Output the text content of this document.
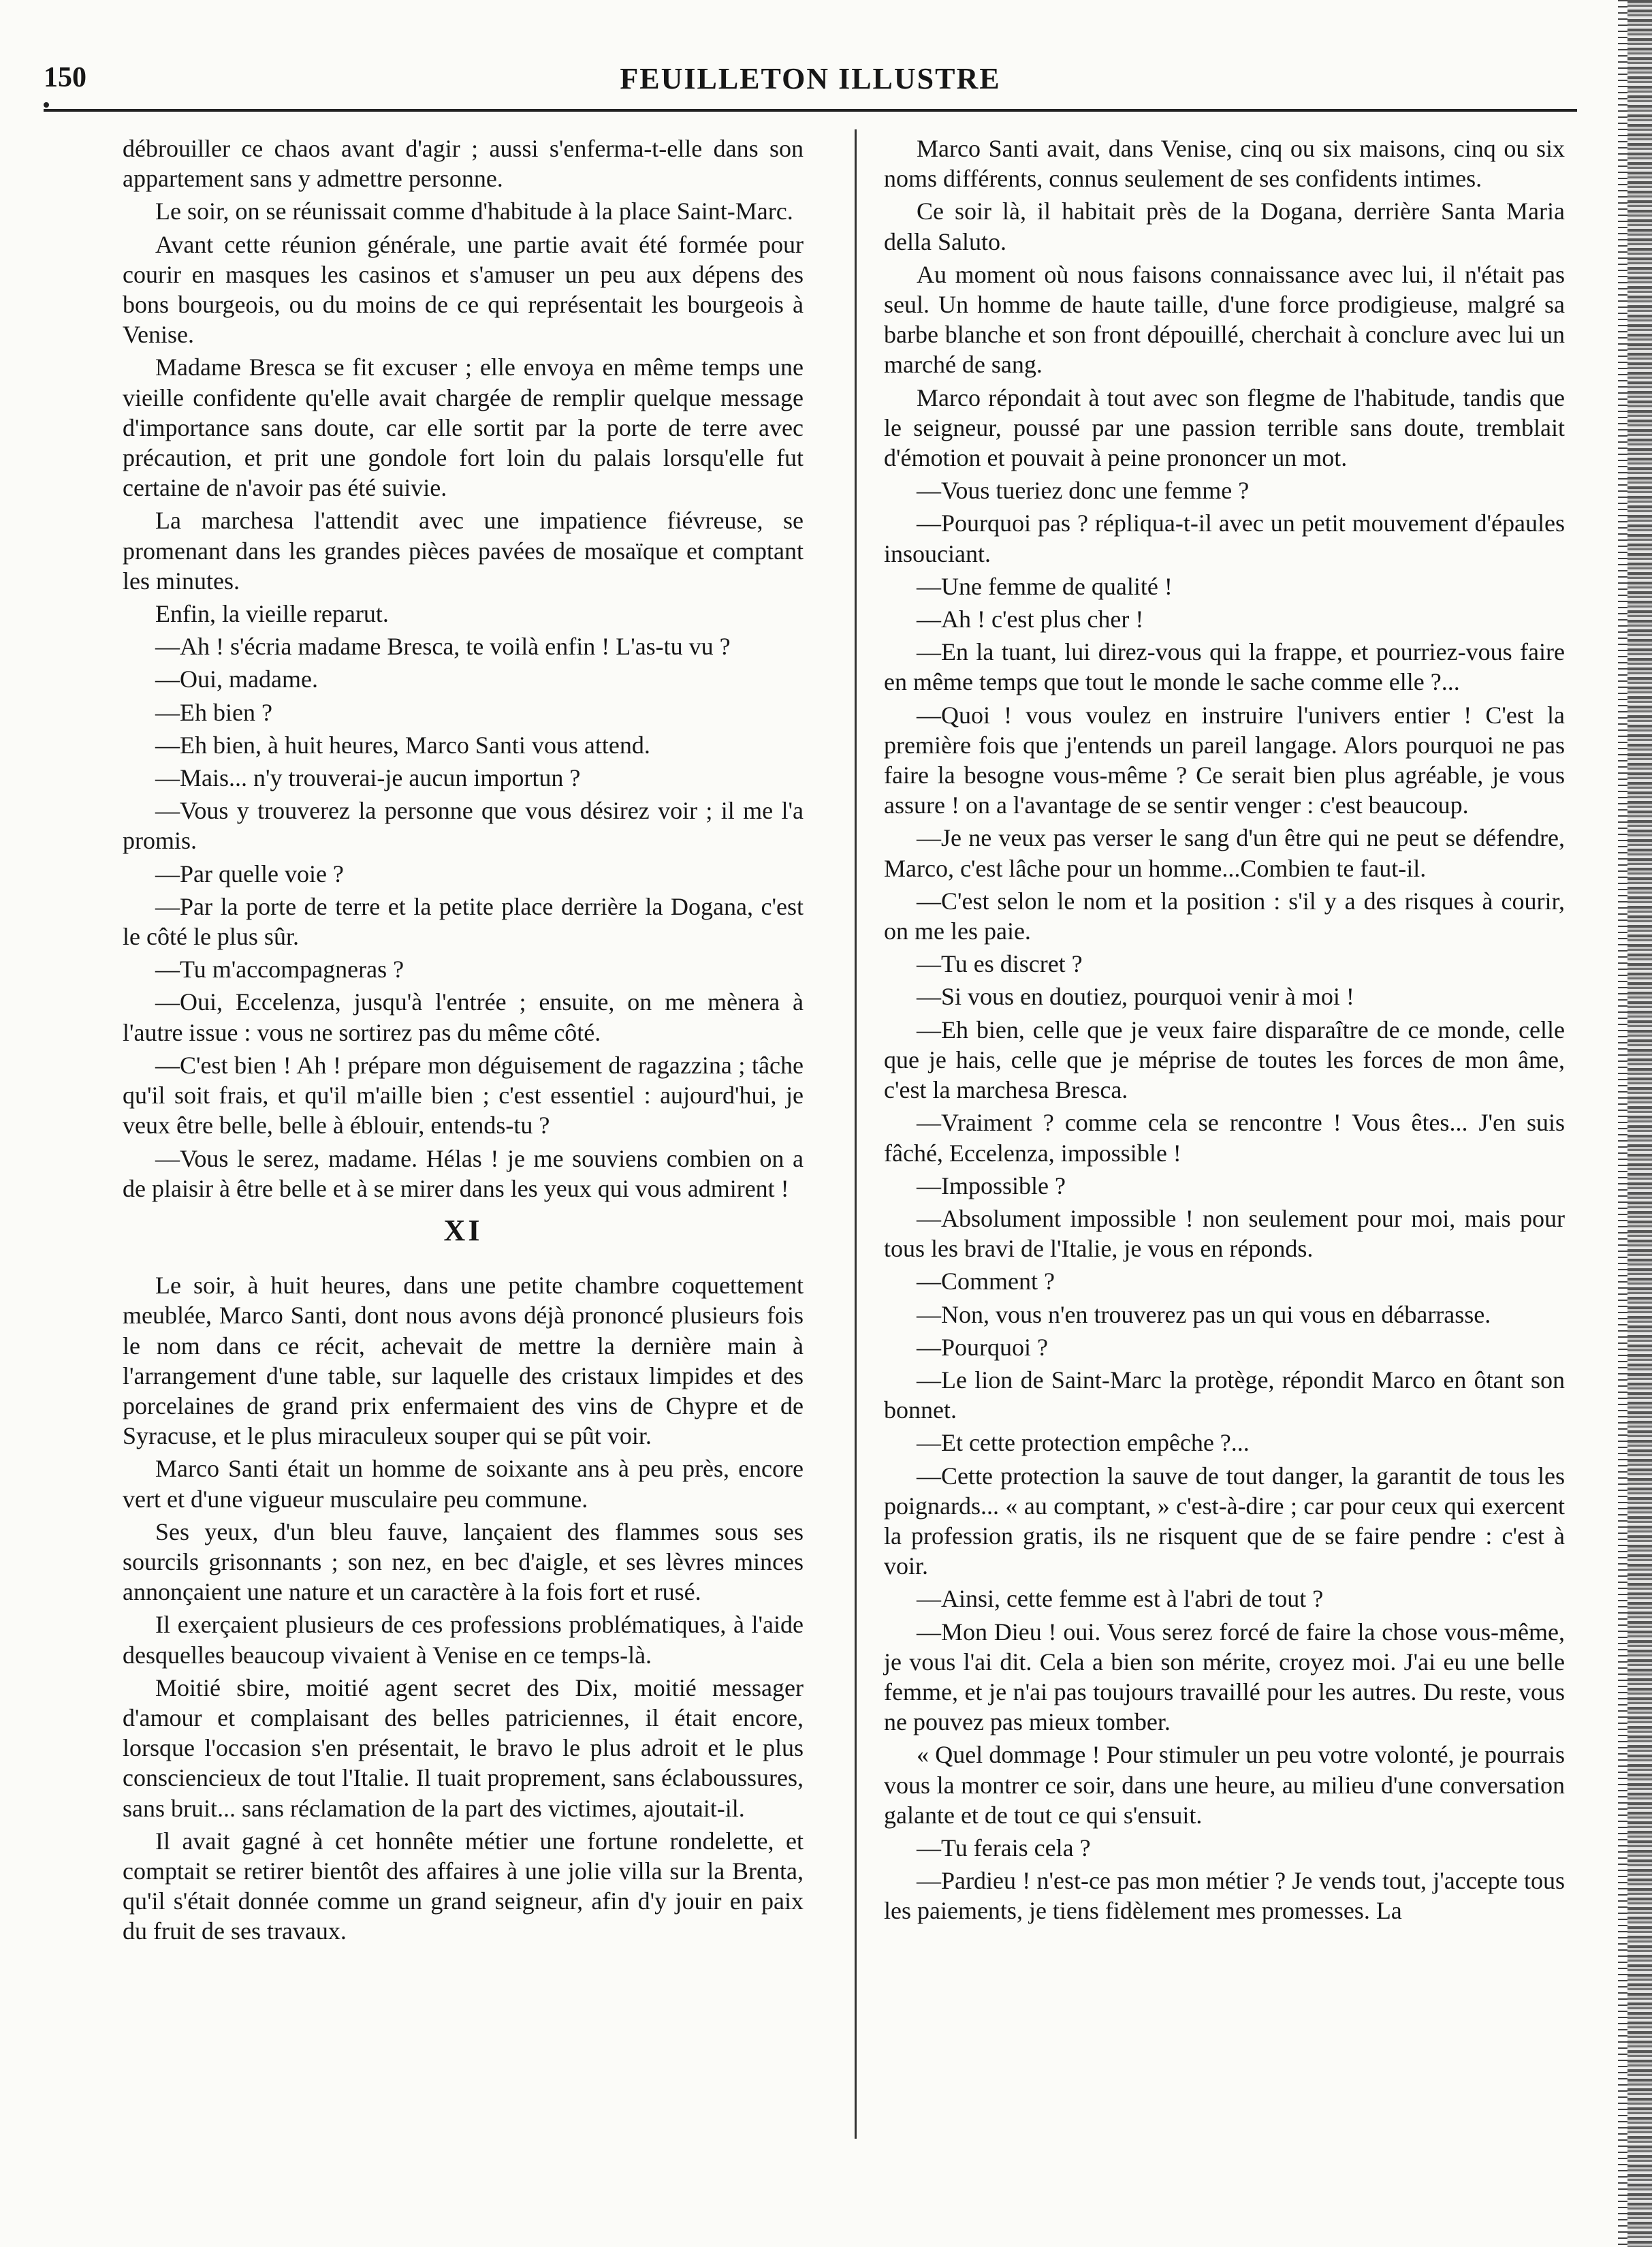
150	FEUILLETON ILLUSTRE

débrouiller ce chaos avant d'agir ; aussi s'enferma-t-elle dans son appartement sans y admettre personne.

Le soir, on se réunissait comme d'habitude à la place Saint-Marc.

Avant cette réunion générale, une partie avait été formée pour courir en masques les casinos et s'amuser un peu aux dépens des bons bourgeois, ou du moins de ce qui représentait les bourgeois à Venise.

Madame Bresca se fit excuser ; elle envoya en même temps une vieille confidente qu'elle avait chargée de remplir quelque message d'importance sans doute, car elle sortit par la porte de terre avec précaution, et prit une gondole fort loin du palais lorsqu'elle fut certaine de n'avoir pas été suivie.

La marchesa l'attendit avec une impatience fiévreuse, se promenant dans les grandes pièces pavées de mosaïque et comptant les minutes.

Enfin, la vieille reparut.

—Ah ! s'écria madame Bresca, te voilà enfin ! L'as-tu vu ?

—Oui, madame.

—Eh bien ?

—Eh bien, à huit heures, Marco Santi vous attend.

—Mais... n'y trouverai-je aucun importun ?

—Vous y trouverez la personne que vous désirez voir ; il me l'a promis.

—Par quelle voie ?

—Par la porte de terre et la petite place derrière la Dogana, c'est le côté le plus sûr.

—Tu m'accompagneras ?

—Oui, Eccelenza, jusqu'à l'entrée ; ensuite, on me mènera à l'autre issue : vous ne sortirez pas du même côté.

—C'est bien ! Ah ! prépare mon déguisement de ragazzina ; tâche qu'il soit frais, et qu'il m'aille bien ; c'est essentiel : aujourd'hui, je veux être belle, belle à éblouir, entends-tu ?

—Vous le serez, madame. Hélas ! je me souviens combien on a de plaisir à être belle et à se mirer dans les yeux qui vous admirent !

XI

Le soir, à huit heures, dans une petite chambre coquettement meublée, Marco Santi, dont nous avons déjà prononcé plusieurs fois le nom dans ce récit, achevait de mettre la dernière main à l'arrangement d'une table, sur laquelle des cristaux limpides et des porcelaines de grand prix enfermaient des vins de Chypre et de Syracuse, et le plus miraculeux souper qui se pût voir.

Marco Santi était un homme de soixante ans à peu près, encore vert et d'une vigueur musculaire peu commune.

Ses yeux, d'un bleu fauve, lançaient des flammes sous ses sourcils grisonnants ; son nez, en bec d'aigle, et ses lèvres minces annonçaient une nature et un caractère à la fois fort et rusé.

Il exerçaient plusieurs de ces professions problématiques, à l'aide desquelles beaucoup vivaient à Venise en ce temps-là.

Moitié sbire, moitié agent secret des Dix, moitié messager d'amour et complaisant des belles patriciennes, il était encore, lorsque l'occasion s'en présentait, le bravo le plus adroit et le plus consciencieux de tout l'Italie. Il tuait proprement, sans éclaboussures, sans bruit... sans réclamation de la part des victimes, ajoutait-il.

Il avait gagné à cet honnête métier une fortune rondelette, et comptait se retirer bientôt des affaires à une jolie villa sur la Brenta, qu'il s'était donnée comme un grand seigneur, afin d'y jouir en paix du fruit de ses travaux.

Marco Santi avait, dans Venise, cinq ou six maisons, cinq ou six noms différents, connus seulement de ses confidents intimes.

Ce soir là, il habitait près de la Dogana, derrière Santa Maria della Saluto.

Au moment où nous faisons connaissance avec lui, il n'était pas seul. Un homme de haute taille, d'une force prodigieuse, malgré sa barbe blanche et son front dépouillé, cherchait à conclure avec lui un marché de sang.

Marco répondait à tout avec son flegme de l'habitude, tandis que le seigneur, poussé par une passion terrible sans doute, tremblait d'émotion et pouvait à peine prononcer un mot.

—Vous tueriez donc une femme ?

—Pourquoi pas ? répliqua-t-il avec un petit mouvement d'épaules insouciant.

—Une femme de qualité !

—Ah ! c'est plus cher !

—En la tuant, lui direz-vous qui la frappe, et pourriez-vous faire en même temps que tout le monde le sache comme elle ?...

—Quoi ! vous voulez en instruire l'univers entier ! C'est la première fois que j'entends un pareil langage. Alors pourquoi ne pas faire la besogne vous-même ? Ce serait bien plus agréable, je vous assure ! on a l'avantage de se sentir venger : c'est beaucoup.

—Je ne veux pas verser le sang d'un être qui ne peut se défendre, Marco, c'est lâche pour un homme...Combien te faut-il.

—C'est selon le nom et la position : s'il y a des risques à courir, on me les paie.

—Tu es discret ?

—Si vous en doutiez, pourquoi venir à moi !

—Eh bien, celle que je veux faire disparaître de ce monde, celle que je hais, celle que je méprise de toutes les forces de mon âme, c'est la marchesa Bresca.

—Vraiment ? comme cela se rencontre ! Vous êtes... J'en suis fâché, Eccelenza, impossible !

—Impossible ?

—Absolument impossible ! non seulement pour moi, mais pour tous les bravi de l'Italie, je vous en réponds.

—Comment ?

—Non, vous n'en trouverez pas un qui vous en débarrasse.

—Pourquoi ?

—Le lion de Saint-Marc la protège, répondit Marco en ôtant son bonnet.

—Et cette protection empêche ?...

—Cette protection la sauve de tout danger, la garantit de tous les poignards... « au comptant, » c'est-à-dire ; car pour ceux qui exercent la profession gratis, ils ne risquent que de se faire pendre : c'est à voir.

—Ainsi, cette femme est à l'abri de tout ?

—Mon Dieu ! oui. Vous serez forcé de faire la chose vous-même, je vous l'ai dit. Cela a bien son mérite, croyez moi. J'ai eu une belle femme, et je n'ai pas toujours travaillé pour les autres. Du reste, vous ne pouvez pas mieux tomber.

« Quel dommage ! Pour stimuler un peu votre volonté, je pourrais vous la montrer ce soir, dans une heure, au milieu d'une conversation galante et de tout ce qui s'ensuit.

—Tu ferais cela ?

—Pardieu ! n'est-ce pas mon métier ? Je vends tout, j'accepte tous les paiements, je tiens fidèlement mes promesses. La
